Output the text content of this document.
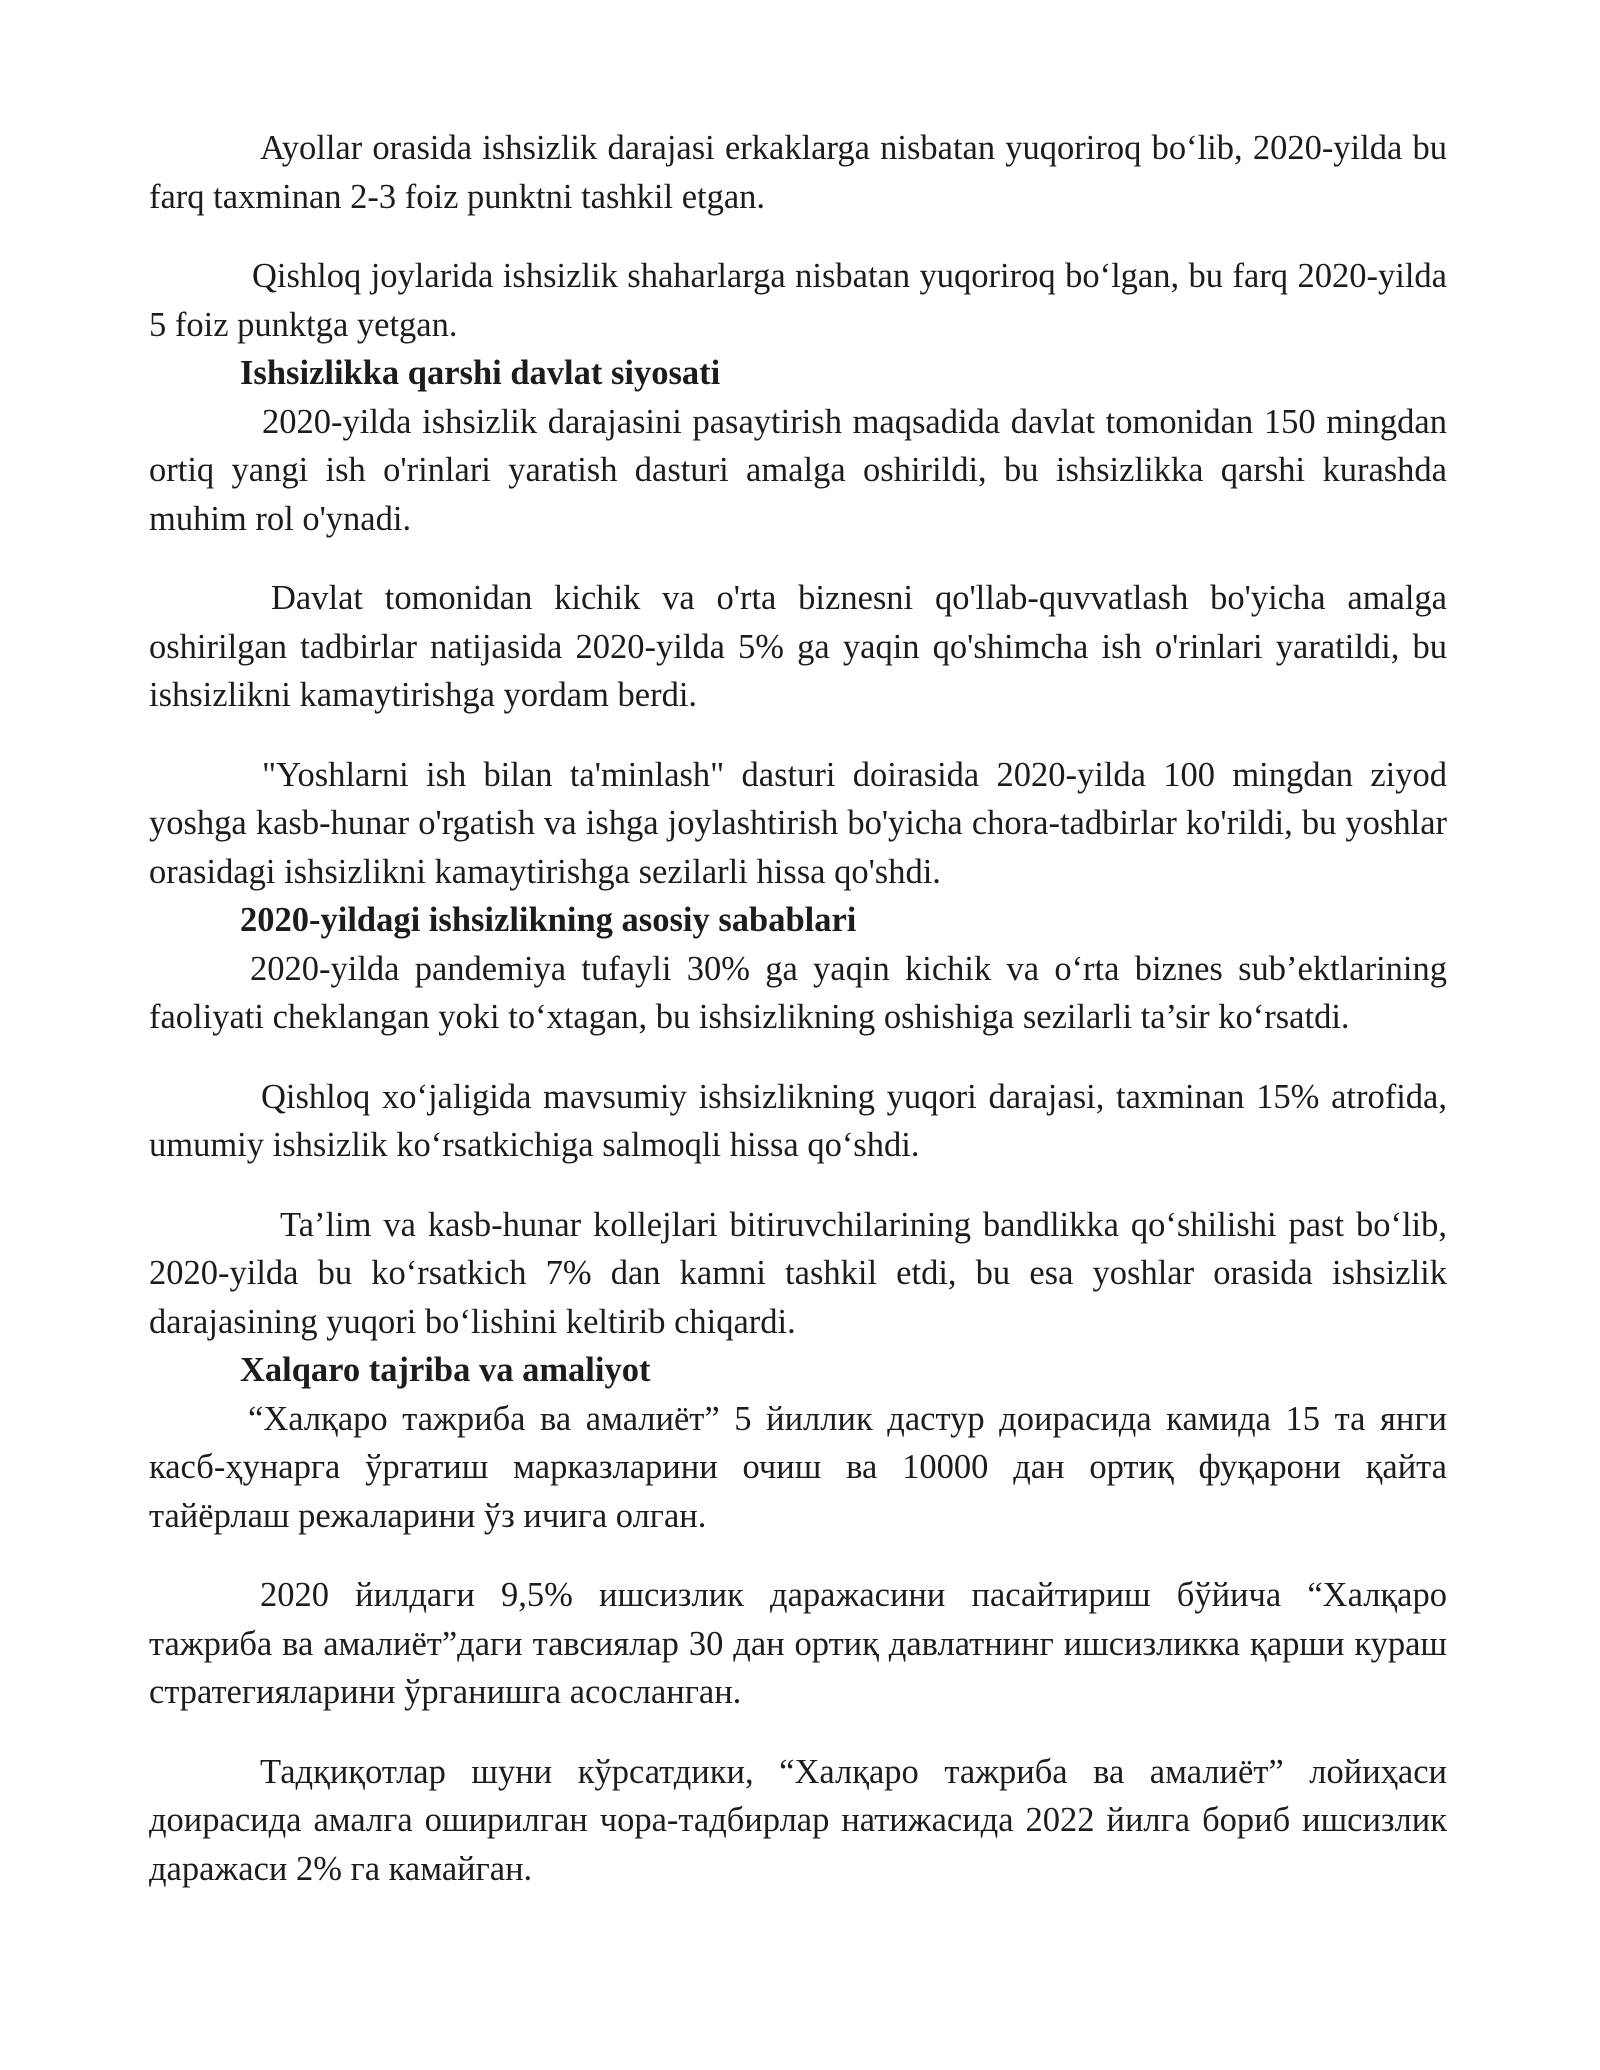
Ayollar orasida ishsizlik darajasi erkaklarga nisbatan yuqoriroq bo‘lib, 2020-yilda bu farq taxminan 2-3 foiz punktni tashkil etgan.

Qishloq joylarida ishsizlik shaharlarga nisbatan yuqoriroq bo‘lgan, bu farq 2020-yilda 5 foiz punktga yetgan.

Ishsizlikka qarshi davlat siyosati

2020-yilda ishsizlik darajasini pasaytirish maqsadida davlat tomonidan 150 mingdan ortiq yangi ish o'rinlari yaratish dasturi amalga oshirildi, bu ishsizlikka qarshi kurashda muhim rol o'ynadi.

Davlat tomonidan kichik va o'rta biznesni qo'llab-quvvatlash bo'yicha amalga oshirilgan tadbirlar natijasida 2020-yilda 5% ga yaqin qo'shimcha ish o'rinlari yaratildi, bu ishsizlikni kamaytirishga yordam berdi.

"Yoshlarni ish bilan ta'minlash" dasturi doirasida 2020-yilda 100 mingdan ziyod yoshga kasb-hunar o'rgatish va ishga joylashtirish bo'yicha chora-tadbirlar ko'rildi, bu yoshlar orasidagi ishsizlikni kamaytirishga sezilarli hissa qo'shdi.

2020-yildagi ishsizlikning asosiy sabablari

2020-yilda pandemiya tufayli 30% ga yaqin kichik va o‘rta biznes sub’ektlarining faoliyati cheklangan yoki to‘xtagan, bu ishsizlikning oshishiga sezilarli ta’sir ko‘rsatdi.

Qishloq xo‘jaligida mavsumiy ishsizlikning yuqori darajasi, taxminan 15% atrofida, umumiy ishsizlik ko‘rsatkichiga salmoqli hissa qo‘shdi.

Ta’lim va kasb-hunar kollejlari bitiruvchilarining bandlikka qo‘shilishi past bo‘lib, 2020-yilda bu ko‘rsatkich 7% dan kamni tashkil etdi, bu esa yoshlar orasida ishsizlik darajasining yuqori bo‘lishini keltirib chiqardi.

Xalqaro tajriba va amaliyot

“Халқаро тажриба ва амалиёт” 5 йиллик дастур доирасида камида 15 та янги касб-ҳунарга ўргатиш марказларини очиш ва 10000 дан ортиқ фуқарони қайта тайёрлаш режаларини ўз ичига олган.

2020 йилдаги 9,5% ишсизлик даражасини пасайтириш бўйича “Халқаро тажриба ва амалиёт”даги тавсиялар 30 дан ортиқ давлатнинг ишсизликка қарши кураш стратегияларини ўрганишга асосланган.

Тадқиқотлар шуни кўрсатдики, “Халқаро тажриба ва амалиёт” лойиҳаси доирасида амалга оширилган чора-тадбирлар натижасида 2022 йилга бориб ишсизлик даражаси 2% га камайган.
